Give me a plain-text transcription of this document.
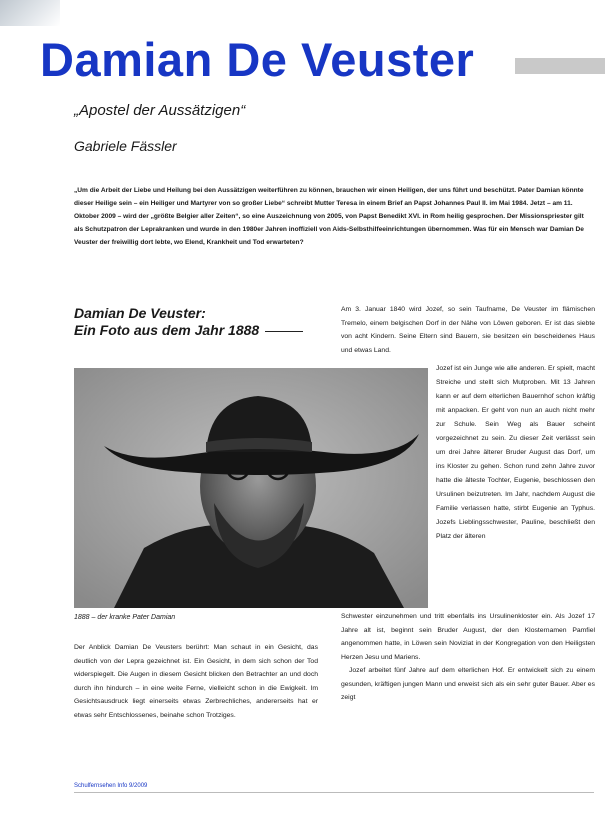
Damian De Veuster
„Apostel der Aussätzigen“
Gabriele Fässler

„Um die Arbeit der Liebe und Heilung bei den Aussätzigen weiterführen zu können, brauchen wir einen Heiligen, der uns führt und beschützt. Pater Damian könnte dieser Heilige sein – ein Heiliger und Martyrer von so großer Liebe“ schreibt Mutter Teresa in einem Brief an Papst Johannes Paul II. im Mai 1984. Jetzt – am 11. Oktober 2009 – wird der „größte Belgier aller Zeiten“, so eine Auszeichnung von 2005, von Papst Benedikt XVI. in Rom heilig gesprochen. Der Missionspriester gilt als Schutzpatron der Leprakranken und wurde in den 1980er Jahren inoffiziell von Aids-Selbsthilfeeinrichtungen übernommen. Was für ein Mensch war Damian De Veuster der freiwillig dort lebte, wo Elend, Krankheit und Tod erwarteten?

Damian De Veuster:
Ein Foto aus dem Jahr 1888
1888 – der kranke Pater Damian

Der Anblick Damian De Veusters berührt: Man schaut in ein Gesicht, das deutlich von der Lepra gezeichnet ist. Ein Gesicht, in dem sich schon der Tod widerspiegelt. Die Augen in diesem Gesicht blicken den Betrachter an und doch durch ihn hindurch – in eine weite Ferne, vielleicht schon in die Ewigkeit. Im Gesichtsausdruck liegt einerseits etwas Zerbrechliches, andererseits hat er etwas sehr Entschlossenes, beinahe schon Trotziges.

Am 3. Januar 1840 wird Jozef, so sein Taufname, De Veuster im flämischen Tremelo, einem belgischen Dorf in der Nähe von Löwen geboren. Er ist das siebte von acht Kindern. Seine Eltern sind Bauern, sie besitzen ein bescheidenes Haus und etwas Land.

Jozef ist ein Junge wie alle anderen. Er spielt, macht Streiche und stellt sich Mutproben. Mit 13 Jahren kann er auf dem elterlichen Bauernhof schon kräftig mit anpacken. Er geht von nun an auch nicht mehr zur Schule. Sein Weg als Bauer scheint vorgezeichnet zu sein. Zu dieser Zeit verlässt sein um drei Jahre älterer Bruder August das Dorf, um ins Kloster zu gehen. Schon rund zehn Jahre zuvor hatte die älteste Tochter, Eugenie, beschlossen den Ursulinen beizutreten. Im Jahr, nachdem August die Familie verlassen hatte, stirbt Eugenie an Typhus. Jozefs Lieblingsschwester, Pauline, beschließt den Platz der älteren

Schwester einzunehmen und tritt ebenfalls ins Ursulinenkloster ein. Als Jozef 17 Jahre alt ist, beginnt sein Bruder August, der den Klosternamen Pamfiel angenommen hatte, in Löwen sein Noviziat in der Kongregation von den Heiligsten Herzen Jesu und Mariens.

Jozef arbeitet fünf Jahre auf dem elterlichen Hof. Er entwickelt sich zu einem gesunden, kräftigen jungen Mann und erweist sich als ein sehr guter Bauer. Aber es zeigt

Schulfernsehen Info 9/2009
